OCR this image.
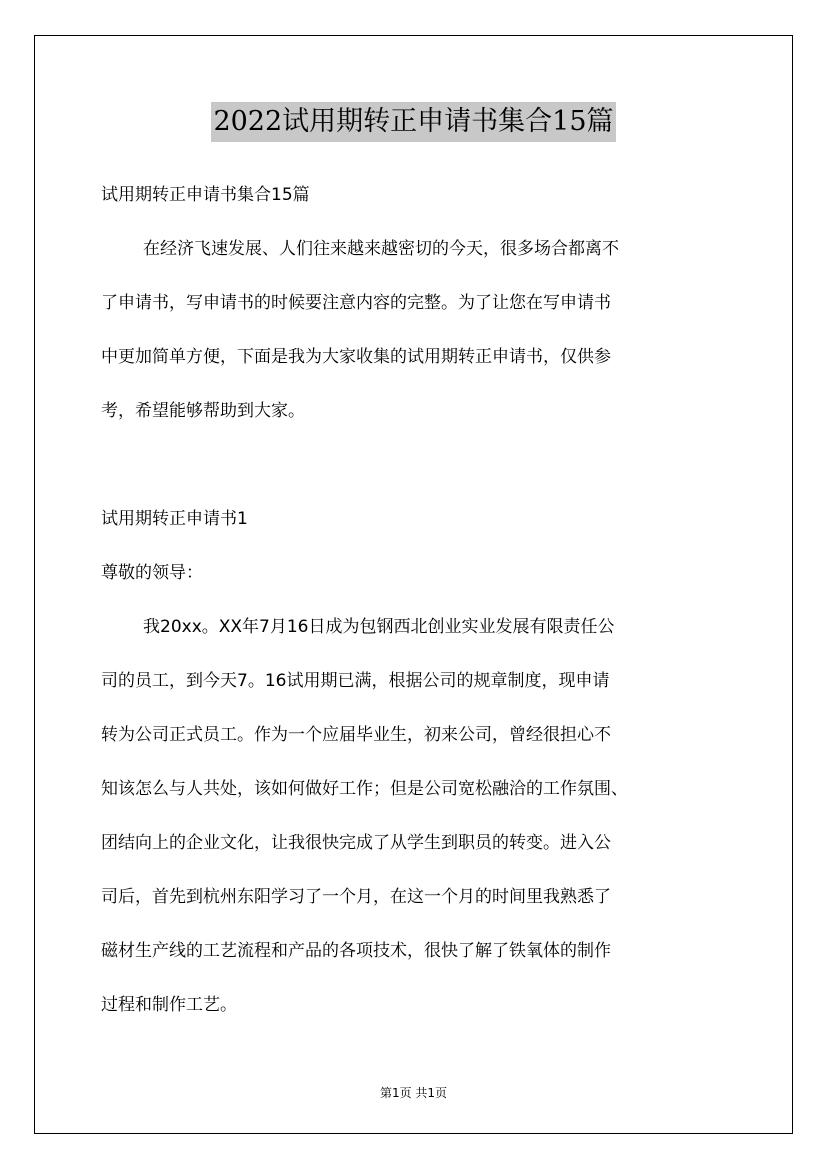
2022试用期转正申请书集合15篇
试用期转正申请书集合15篇
在经济飞速发展、人们往来越来越密切的今天，很多场合都离不
了申请书，写申请书的时候要注意内容的完整。为了让您在写申请书
中更加简单方便，下面是我为大家收集的试用期转正申请书，仅供参
考，希望能够帮助到大家。
试用期转正申请书1
尊敬的领导：
我20xx。XX年7月16日成为包钢西北创业实业发展有限责任公
司的员工，到今天7。16试用期已满，根据公司的规章制度，现申请
转为公司正式员工。作为一个应届毕业生，初来公司，曾经很担心不
知该怎么与人共处，该如何做好工作；但是公司宽松融洽的工作氛围、
团结向上的企业文化，让我很快完成了从学生到职员的转变。进入公
司后，首先到杭州东阳学习了一个月，在这一个月的时间里我熟悉了
磁材生产线的工艺流程和产品的各项技术，很快了解了铁氧体的制作
过程和制作工艺。
第1页 共1页
